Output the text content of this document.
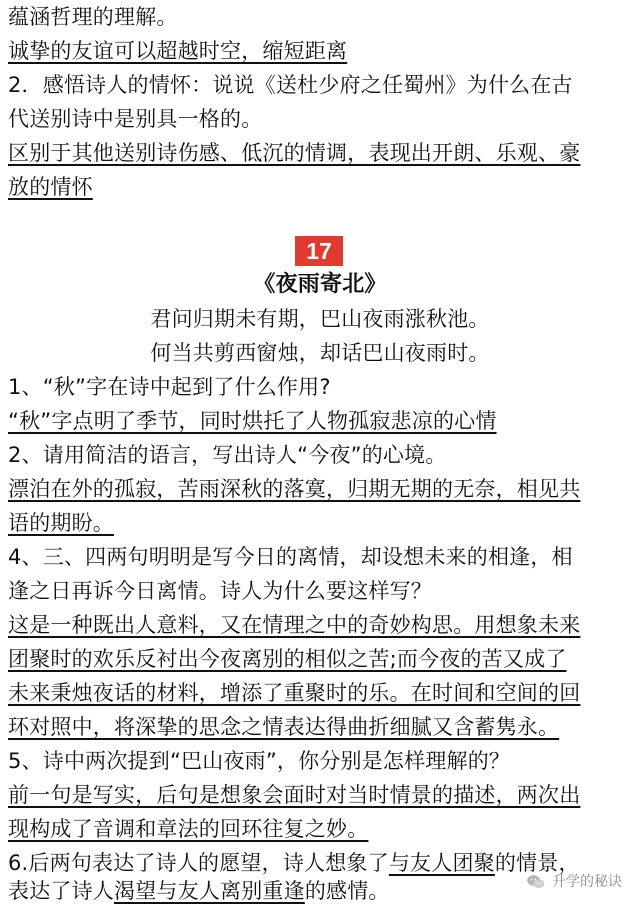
蕴涵哲理的理解。
诚挚的友谊可以超越时空，缩短距离
2．感悟诗人的情怀：说说《送杜少府之任蜀州》为什么在古
代送别诗中是别具一格的。
区别于其他送别诗伤感、低沉的情调，表现出开朗、乐观、豪
放的情怀
17
《夜雨寄北》
君问归期未有期，巴山夜雨涨秋池。
何当共剪西窗烛，却话巴山夜雨时。
1、“秋”字在诗中起到了什么作用?
“秋”字点明了季节，同时烘托了人物孤寂悲凉的心情
2、请用简洁的语言，写出诗人“今夜”的心境。
漂泊在外的孤寂，苦雨深秋的落寞，归期无期的无奈，相见共
语的期盼。
4、三、四两句明明是写今日的离情，却设想未来的相逢，相
逢之日再诉今日离情。诗人为什么要这样写？
这是一种既出人意料，又在情理之中的奇妙构思。用想象未来
团聚时的欢乐反衬出今夜离别的相似之苦;而今夜的苦又成了
未来秉烛夜话的材料，增添了重聚时的乐。在时间和空间的回
环对照中，将深挚的思念之情表达得曲折细腻又含蓄隽永。
5、诗中两次提到“巴山夜雨”，你分别是怎样理解的？
前一句是写实，后句是想象会面时对当时情景的描述，两次出
现构成了音调和章法的回环往复之妙。
6.后两句表达了诗人的愿望，诗人想象了与友人团聚的情景，
表达了诗人渴望与友人离别重逢的感情。	升学的秘诀
